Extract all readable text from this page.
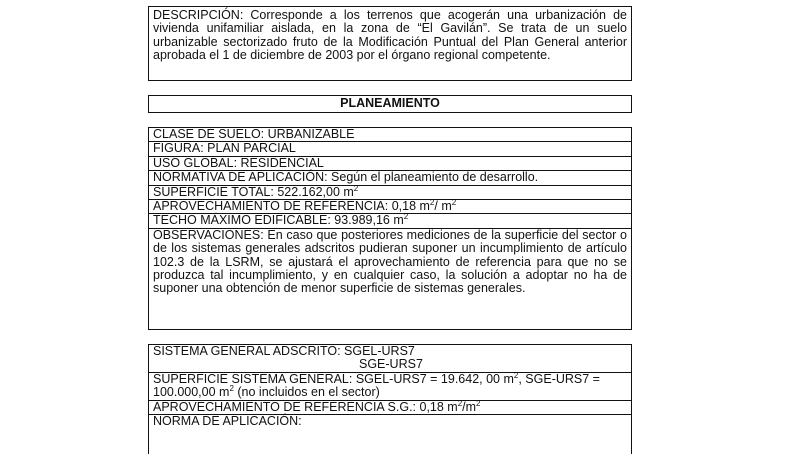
DESCRIPCIÓN: Corresponde a los terrenos que acogerán una urbanización de vivienda unifamiliar aislada, en la zona de “El Gavilán”. Se trata de un suelo urbanizable sectorizado fruto de la Modificación Puntual del Plan General anterior aprobada el 1 de diciembre de 2003 por el órgano regional competente.
PLANEAMIENTO
CLASE DE SUELO: URBANIZABLE
FIGURA: PLAN PARCIAL
USO GLOBAL: RESIDENCIAL
NORMATIVA DE APLICACIÓN: Según el planeamiento de desarrollo.
SUPERFICIE TOTAL: 522.162,00 $m^2$
APROVECHAMIENTO DE REFERENCIA: 0,18 $m^2/$ $m^2$
TECHO MÁXIMO EDIFICABLE: 93.989,16 $m^2$
OBSERVACIONES: En caso que posteriores mediciones de la superficie del sector o de los sistemas generales adscritos pudieran suponer un incumplimiento de artículo 102.3 de la LSRM, se ajustará el aprovechamiento de referencia para que no se produzca tal incumplimiento, y en cualquier caso, la solución a adoptar no ha de suponer una obtención de menor superficie de sistemas generales.
SISTEMA GENERAL ADSCRITO: SGEL-URS7
SGE-URS7
SUPERFICIE SISTEMA GENERAL: SGEL-URS7 = 19.642, 00 $m^2$, SGE-URS7 = 100.000,00 $m^2$ (no incluidos en el sector)
APROVECHAMIENTO DE REFERENCIA S.G.: 0,18 $m^2/m^2$
NORMA DE APLICACIÓN:
